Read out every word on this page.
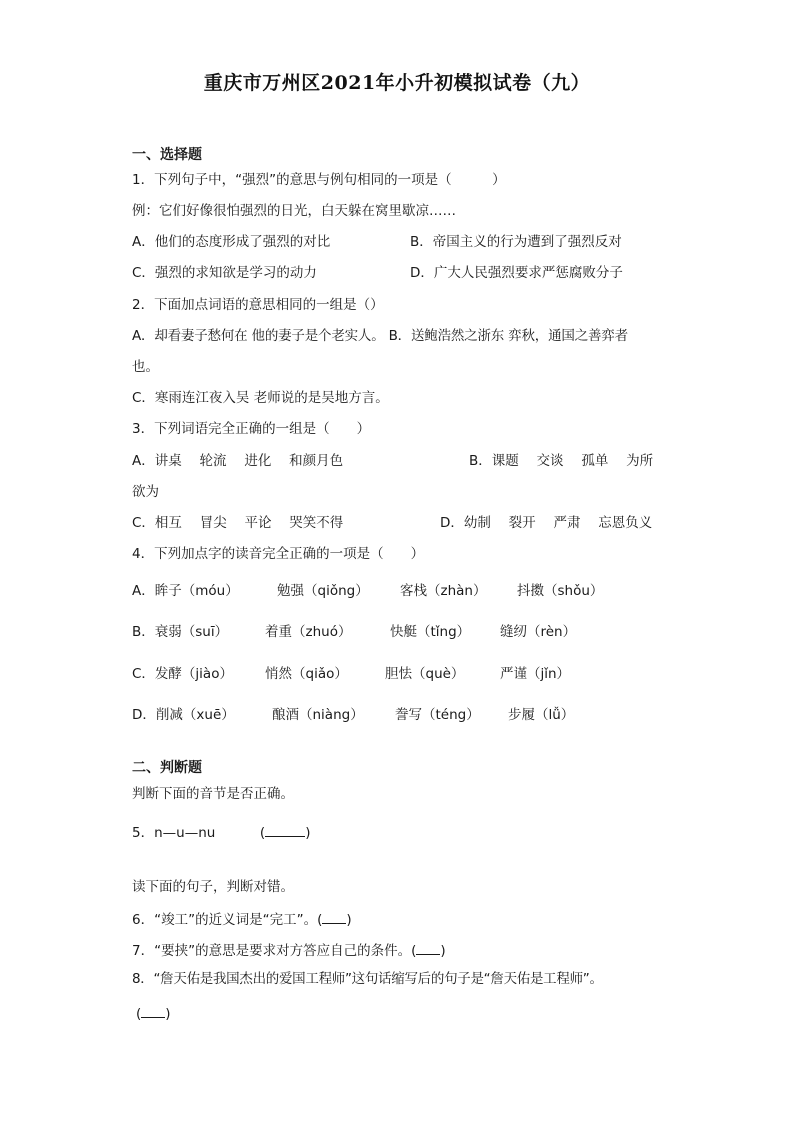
重庆市万州区2021年小升初模拟试卷（九）
一、选择题
1．下列句子中，“强烈”的意思与例句相同的一项是（　　　）
例：它们好像很怕强烈的日光，白天躲在窝里歇凉……
A．他们的态度形成了强烈的对比	B．帝国主义的行为遭到了强烈反对
C．强烈的求知欲是学习的动力	D．广大人民强烈要求严惩腐败分子
2．下面加点词语的意思相同的一组是（）
A．却看妻子愁何在 他的妻子是个老实人。 B．送鲍浩然之浙东 弈秋，通国之善弈者
也。
C．寒雨连江夜入吴 老师说的是吴地方言。
3．下列词语完全正确的一组是（　　）
A．讲桌　 轮流　 进化　 和颜月色	B．课题　 交谈　 孤单　 为所
欲为
C．相互　 冒尖　 平论　 哭笑不得	D．幼制　 裂开　 严肃　 忘恩负义
4．下列加点字的读音完全正确的一项是（　　）
A．眸子（móu）	勉强（qiǒng） 客栈（zhàn） 抖擞（shǒu）
B．衰弱（suī）	着重（zhuó）	快艇（tǐng） 缝纫（rèn）
C．发酵（jiào） 悄然（qiǎo）	胆怯（què）	严谨（jǐn）
D．削减（xuē）	酿酒（niàng） 誊写（téng） 步履（lǚ）
二、判断题
判断下面的音节是否正确。
5．n—u—nu	(	)
读下面的句子，判断对错。
6．“竣工”的近义词是“完工”。( )
7．“要挟”的意思是要求对方答应自己的条件。( )
8．“詹天佑是我国杰出的爱国工程师”这句话缩写后的句子是“詹天佑是工程师”。
( )
